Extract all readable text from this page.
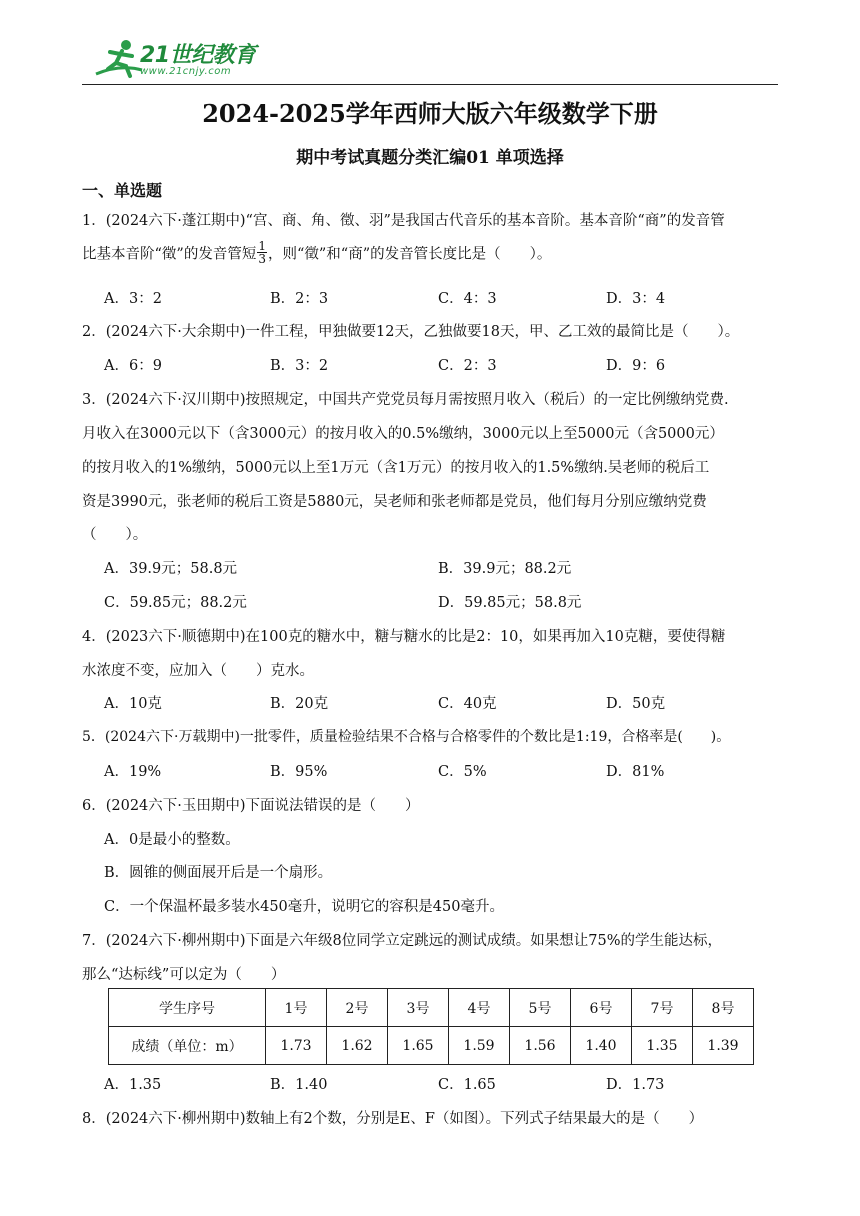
21世纪教育
www.21cnjy.com
2024-2025学年西师大版六年级数学下册
期中考试真题分类汇编01 单项选择
一、单选题
1．(2024六下·蓬江期中)“宫、商、角、徵、羽”是我国古代音乐的基本音阶。基本音阶“商”的发音管
比基本音阶“徵”的发音管短 $\frac{1}{3}$ ，则“徵”和“商”的发音管长度比是（　　）。
A．3：2	B．2：3	C．4：3	D．3：4
2．(2024六下·大余期中)一件工程，甲独做要12天，乙独做要18天，甲、乙工效的最简比是（　　）。
A．6：9	B．3：2	C．2：3	D．9：6
3．(2024六下·汉川期中)按照规定，中国共产党党员每月需按照月收入（税后）的一定比例缴纳党费.
月收入在3000元以下（含3000元）的按月收入的0.5%缴纳，3000元以上至5000元（含5000元）
的按月收入的1%缴纳，5000元以上至1万元（含1万元）的按月收入的1.5%缴纳.吴老师的税后工
资是3990元，张老师的税后工资是5880元，吴老师和张老师都是党员，他们每月分别应缴纳党费
（　　）。
A．39.9元；58.8元	B．39.9元；88.2元
C．59.85元；88.2元	D．59.85元；58.8元
4．(2023六下·顺德期中)在100克的糖水中，糖与糖水的比是2：10，如果再加入10克糖，要使得糖
水浓度不变，应加入（　　）克水。
A．10克	B．20克	C．40克	D．50克
5．(2024六下·万载期中)一批零件，质量检验结果不合格与合格零件的个数比是1:19，合格率是(　　)。
A．19%	B．95%	C．5%	D．81%
6．(2024六下·玉田期中)下面说法错误的是（　　）
A．0是最小的整数。
B．圆锥的侧面展开后是一个扇形。
C．一个保温杯最多装水450毫升，说明它的容积是450毫升。
7．(2024六下·柳州期中)下面是六年级8位同学立定跳远的测试成绩。如果想让75%的学生能达标，
那么“达标线”可以定为（　　）
学生序号	1号	2号	3号	4号	5号	6号	7号	8号
成绩（单位：m）	1.73	1.62	1.65	1.59	1.56	1.40	1.35	1.39
A．1.35	B．1.40	C．1.65	D．1.73
8．(2024六下·柳州期中)数轴上有2个数，分别是E、F（如图）。下列式子结果最大的是（　　）
